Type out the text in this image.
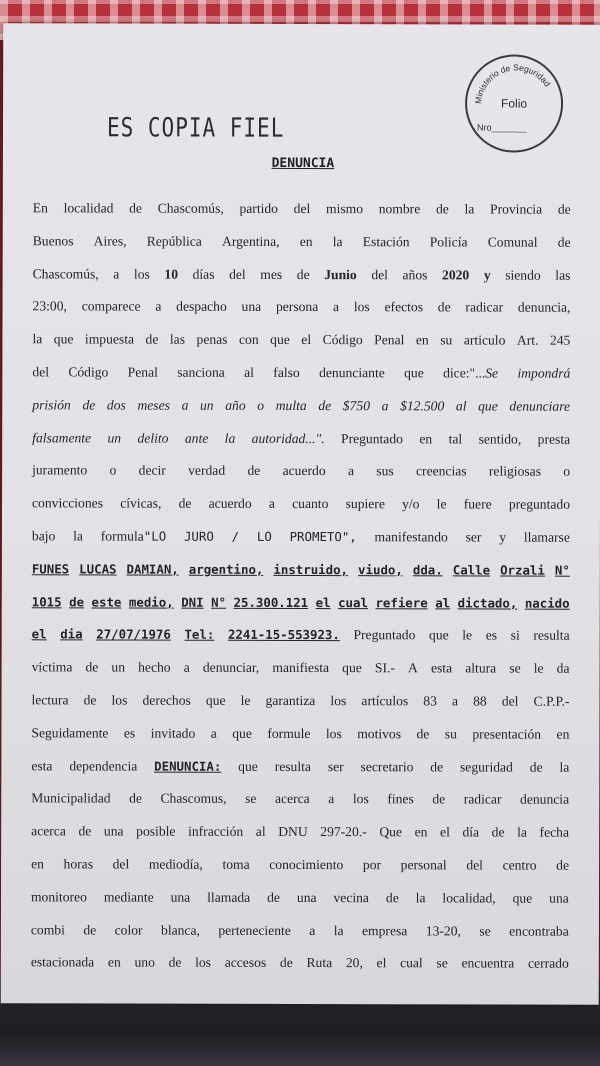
ES COPIA FIEL
Ministerio de Seguridad
Folio
Nro_______
DENUNCIA
En localidad de Chascomús, partido del mismo nombre de la Provincia de
Buenos Aires, República Argentina, en la Estación Policía Comunal de
Chascomús, a los 10 días del mes de Junio del años 2020 y siendo las
23:00, comparece a despacho una persona a los efectos de radicar denuncia,
la que impuesta de las penas con que el Código Penal en su articulo Art. 245
del Código Penal sanciona al falso denunciante que dice:"...Se impondrá
prisión de dos meses a un año o multa de $750 a $12.500 al que denunciare
falsamente un delito ante la autoridad...". Preguntado en tal sentido, presta
juramento o decir verdad de acuerdo a sus creencias religiosas o
convicciones cívicas, de acuerdo a cuanto supiere y/o le fuere preguntado
bajo la formula"LO JURO / LO PROMETO", manifestando ser y llamarse
FUNES LUCAS DAMIAN, argentino, instruido, viudo, dda. Calle Orzali N°
1015 de este medio, DNI N° 25.300.121 el cual refiere al dictado, nacido
el dia 27/07/1976 Tel: 2241-15-553923. Preguntado que le es si resulta
víctima de un hecho a denunciar, manifiesta que SI.- A esta altura se le da
lectura de los derechos que le garantiza los artículos 83 a 88 del C.P.P.-
Seguidamente es invitado a que formule los motivos de su presentación en
esta dependencia DENUNCIA: que resulta ser secretario de seguridad de la
Municipalidad de Chascomus, se acerca a los fines de radicar denuncia
acerca de una posible infracción al DNU 297-20.- Que en el día de la fecha
en horas del mediodía, toma conocimiento por personal del centro de
monitoreo mediante una llamada de una vecina de la localidad, que una
combi de color blanca, perteneciente a la empresa 13-20, se encontraba
estacionada en uno de los accesos de Ruta 20, el cual se encuentra cerrado
